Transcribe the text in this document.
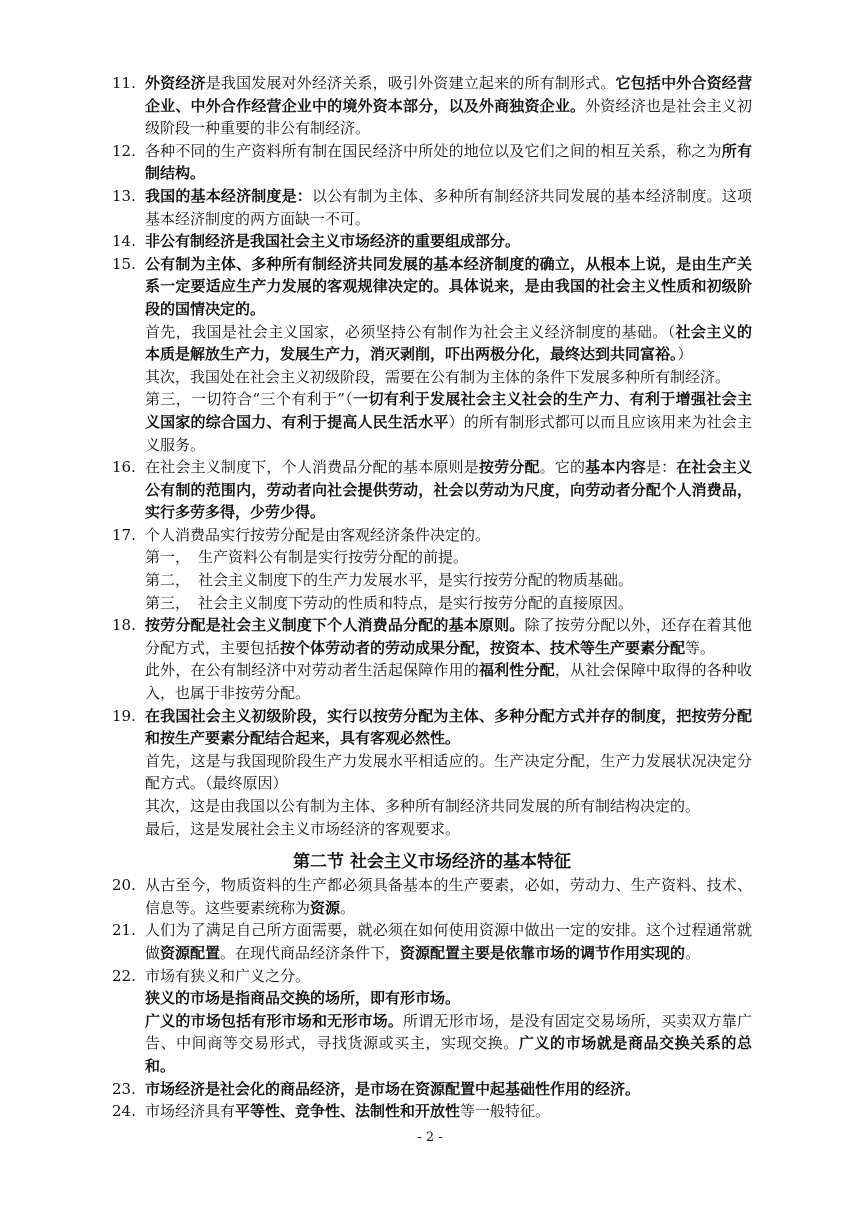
11. 外资经济是我国发展对外经济关系，吸引外资建立起来的所有制形式。它包括中外合资经营企业、中外合作经营企业中的境外资本部分，以及外商独资企业。外资经济也是社会主义初级阶段一种重要的非公有制经济。
12. 各种不同的生产资料所有制在国民经济中所处的地位以及它们之间的相互关系，称之为所有制结构。
13. 我国的基本经济制度是：以公有制为主体、多种所有制经济共同发展的基本经济制度。这项基本经济制度的两方面缺一不可。
14. 非公有制经济是我国社会主义市场经济的重要组成部分。
15. 公有制为主体、多种所有制经济共同发展的基本经济制度的确立，从根本上说，是由生产关系一定要适应生产力发展的客观规律决定的。具体说来，是由我国的社会主义性质和初级阶段的国情决定的。
首先，我国是社会主义国家，必须坚持公有制作为社会主义经济制度的基础。（社会主义的本质是解放生产力，发展生产力，消灭剥削，吓出两极分化，最终达到共同富裕。）
其次，我国处在社会主义初级阶段，需要在公有制为主体的条件下发展多种所有制经济。
第三，一切符合“三个有利于”（一切有利于发展社会主义社会的生产力、有利于增强社会主义国家的综合国力、有利于提高人民生活水平）的所有制形式都可以而且应该用来为社会主义服务。
16. 在社会主义制度下，个人消费品分配的基本原则是按劳分配。它的基本内容是：在社会主义公有制的范围内，劳动者向社会提供劳动，社会以劳动为尺度，向劳动者分配个人消费品，实行多劳多得，少劳少得。
17. 个人消费品实行按劳分配是由客观经济条件决定的。
第一， 生产资料公有制是实行按劳分配的前提。
第二， 社会主义制度下的生产力发展水平，是实行按劳分配的物质基础。
第三， 社会主义制度下劳动的性质和特点，是实行按劳分配的直接原因。
18. 按劳分配是社会主义制度下个人消费品分配的基本原则。除了按劳分配以外，还存在着其他分配方式，主要包括按个体劳动者的劳动成果分配，按资本、技术等生产要素分配等。
此外，在公有制经济中对劳动者生活起保障作用的福利性分配，从社会保障中取得的各种收入，也属于非按劳分配。
19. 在我国社会主义初级阶段，实行以按劳分配为主体、多种分配方式并存的制度，把按劳分配和按生产要素分配结合起来，具有客观必然性。
首先，这是与我国现阶段生产力发展水平相适应的。生产决定分配，生产力发展状况决定分配方式。（最终原因）
其次，这是由我国以公有制为主体、多种所有制经济共同发展的所有制结构决定的。
最后，这是发展社会主义市场经济的客观要求。
第二节 社会主义市场经济的基本特征
20. 从古至今，物质资料的生产都必须具备基本的生产要素，必如，劳动力、生产资料、技术、信息等。这些要素统称为资源。
21. 人们为了满足自己所方面需要，就必须在如何使用资源中做出一定的安排。这个过程通常就做资源配置。在现代商品经济条件下，资源配置主要是依靠市场的调节作用实现的。
22. 市场有狭义和广义之分。
狭义的市场是指商品交换的场所，即有形市场。
广义的市场包括有形市场和无形市场。所谓无形市场，是没有固定交易场所，买卖双方靠广告、中间商等交易形式，寻找货源或买主，实现交换。广义的市场就是商品交换关系的总和。
23. 市场经济是社会化的商品经济，是市场在资源配置中起基础性作用的经济。
24. 市场经济具有平等性、竞争性、法制性和开放性等一般特征。
- 2 -
